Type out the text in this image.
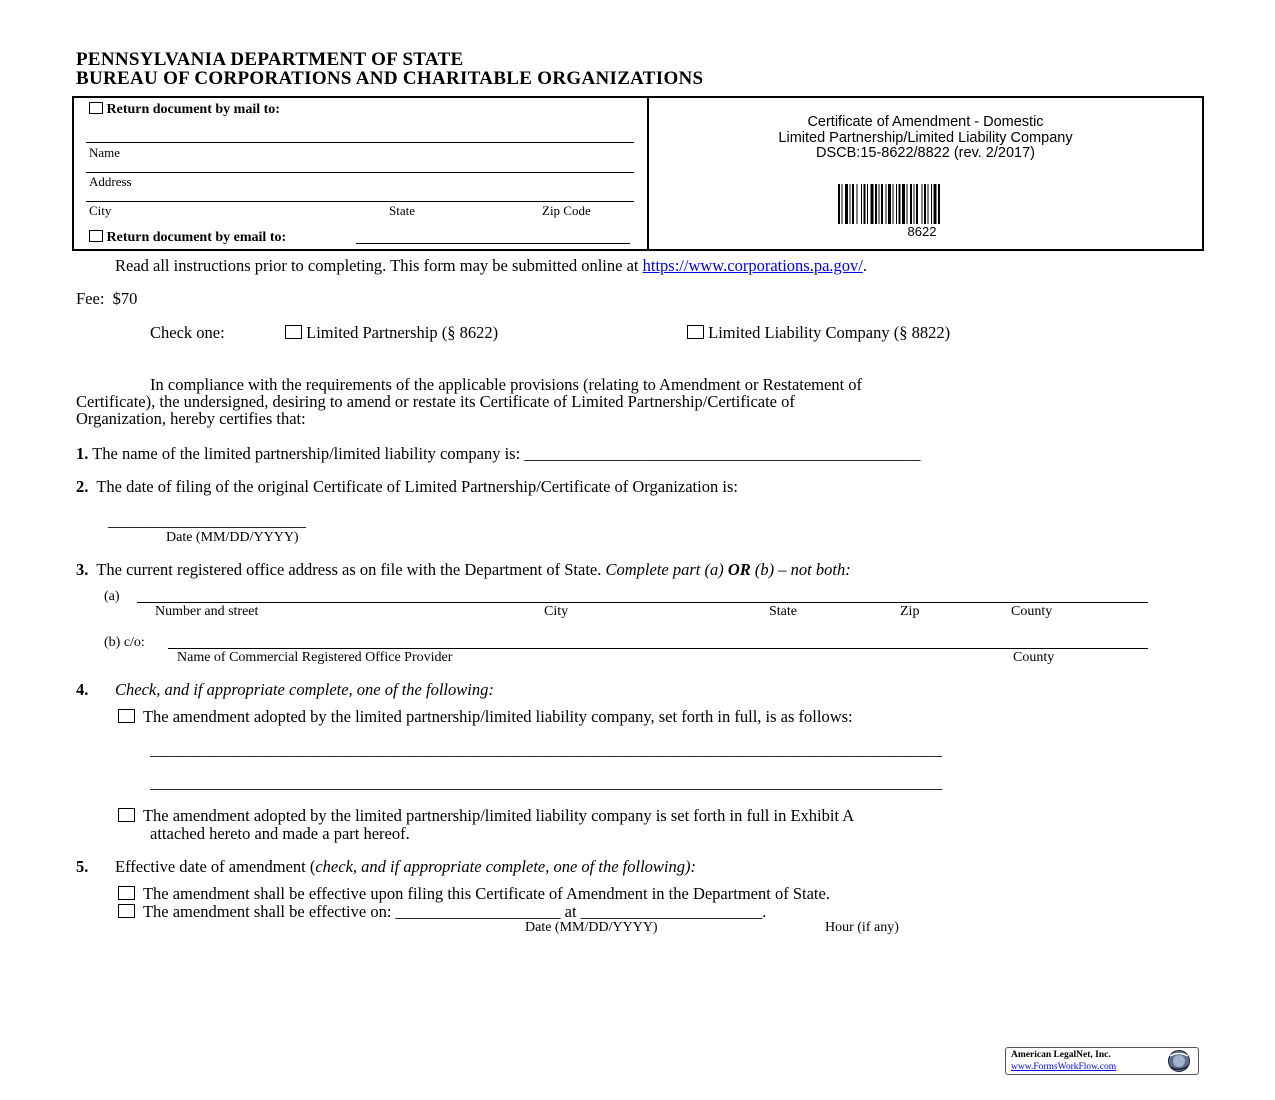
PENNSYLVANIA DEPARTMENT OF STATE
BUREAU OF CORPORATIONS AND CHARITABLE ORGANIZATIONS
Return document by mail to:
Name
Address
City	State	Zip Code
Return document by email to:
Certificate of Amendment - Domestic
Limited Partnership/Limited Liability Company
DSCB:15-8622/8822 (rev. 2/2017)
8622
Read all instructions prior to completing. This form may be submitted online at https://www.corporations.pa.gov/.
Fee:  $70
Check one:	Limited Partnership (§ 8622)	Limited Liability Company (§ 8822)
In compliance with the requirements of the applicable provisions (relating to Amendment or Restatement of
Certificate), the undersigned, desiring to amend or restate its Certificate of Limited Partnership/Certificate of
Organization, hereby certifies that:
1. The name of the limited partnership/limited liability company is: ________________________________________________
2. The date of filing of the original Certificate of Limited Partnership/Certificate of Organization is:
________________________
Date (MM/DD/YYYY)
3. The current registered office address as on file with the Department of State. Complete part (a) OR (b) – not both:
(a)
Number and street	City	State	Zip	County
(b) c/o:
Name of Commercial Registered Office Provider	County
4. Check, and if appropriate complete, one of the following:
The amendment adopted by the limited partnership/limited liability company, set forth in full, is as follows:
________________________________________________________________________________________________
________________________________________________________________________________________________
The amendment adopted by the limited partnership/limited liability company is set forth in full in Exhibit A
attached hereto and made a part hereof.
5. Effective date of amendment (check, and if appropriate complete, one of the following):
The amendment shall be effective upon filing this Certificate of Amendment in the Department of State.
The amendment shall be effective on: ____________________ at ______________________.
Date (MM/DD/YYYY)	Hour (if any)
American LegalNet, Inc.
www.FormsWorkFlow.com
